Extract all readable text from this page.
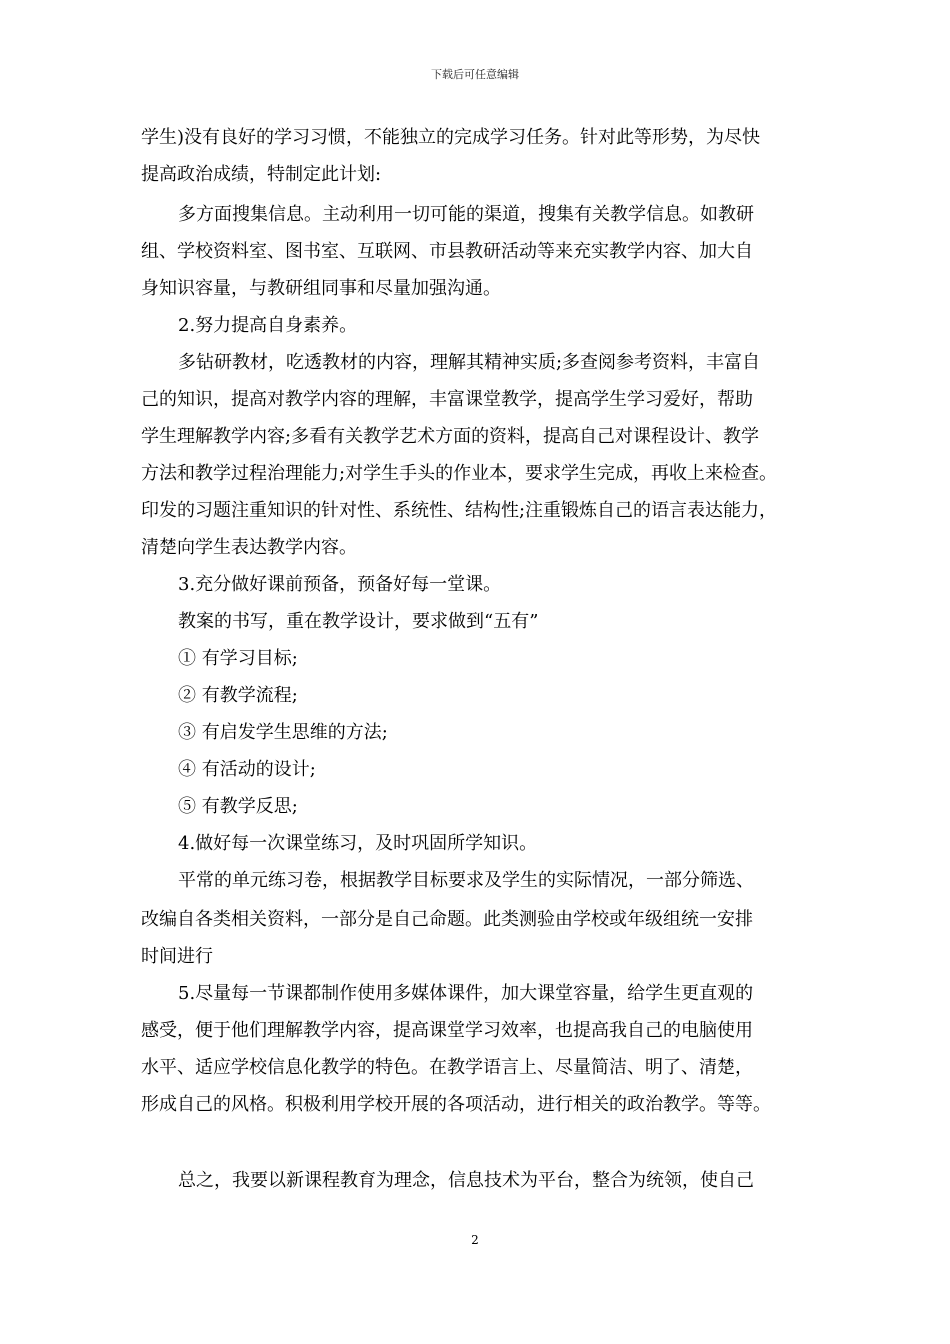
下载后可任意编辑
学生)没有良好的学习习惯，不能独立的完成学习任务。针对此等形势，为尽快
提高政治成绩，特制定此计划:
多方面搜集信息。主动利用一切可能的渠道，搜集有关教学信息。如教研
组、学校资料室、图书室、互联网、市县教研活动等来充实教学内容、加大自
身知识容量，与教研组同事和尽量加强沟通。
2.努力提高自身素养。
多钻研教材，吃透教材的内容，理解其精神实质;多查阅参考资料，丰富自
己的知识，提高对教学内容的理解，丰富课堂教学，提高学生学习爱好，帮助
学生理解教学内容;多看有关教学艺术方面的资料，提高自己对课程设计、教学
方法和教学过程治理能力;对学生手头的作业本，要求学生完成，再收上来检查。
印发的习题注重知识的针对性、系统性、结构性;注重锻炼自己的语言表达能力，
清楚向学生表达教学内容。
3.充分做好课前预备，预备好每一堂课。
教案的书写，重在教学设计，要求做到“五有”
① 有学习目标;
② 有教学流程;
③ 有启发学生思维的方法;
④ 有活动的设计;
⑤ 有教学反思;
4.做好每一次课堂练习，及时巩固所学知识。
平常的单元练习卷，根据教学目标要求及学生的实际情况，一部分筛选、
改编自各类相关资料，一部分是自己命题。此类测验由学校或年级组统一安排
时间进行
5.尽量每一节课都制作使用多媒体课件，加大课堂容量，给学生更直观的
感受，便于他们理解教学内容，提高课堂学习效率，也提高我自己的电脑使用
水平、适应学校信息化教学的特色。在教学语言上、尽量简洁、明了、清楚，
形成自己的风格。积极利用学校开展的各项活动，进行相关的政治教学。等等。
总之，我要以新课程教育为理念，信息技术为平台，整合为统领，使自己
2
